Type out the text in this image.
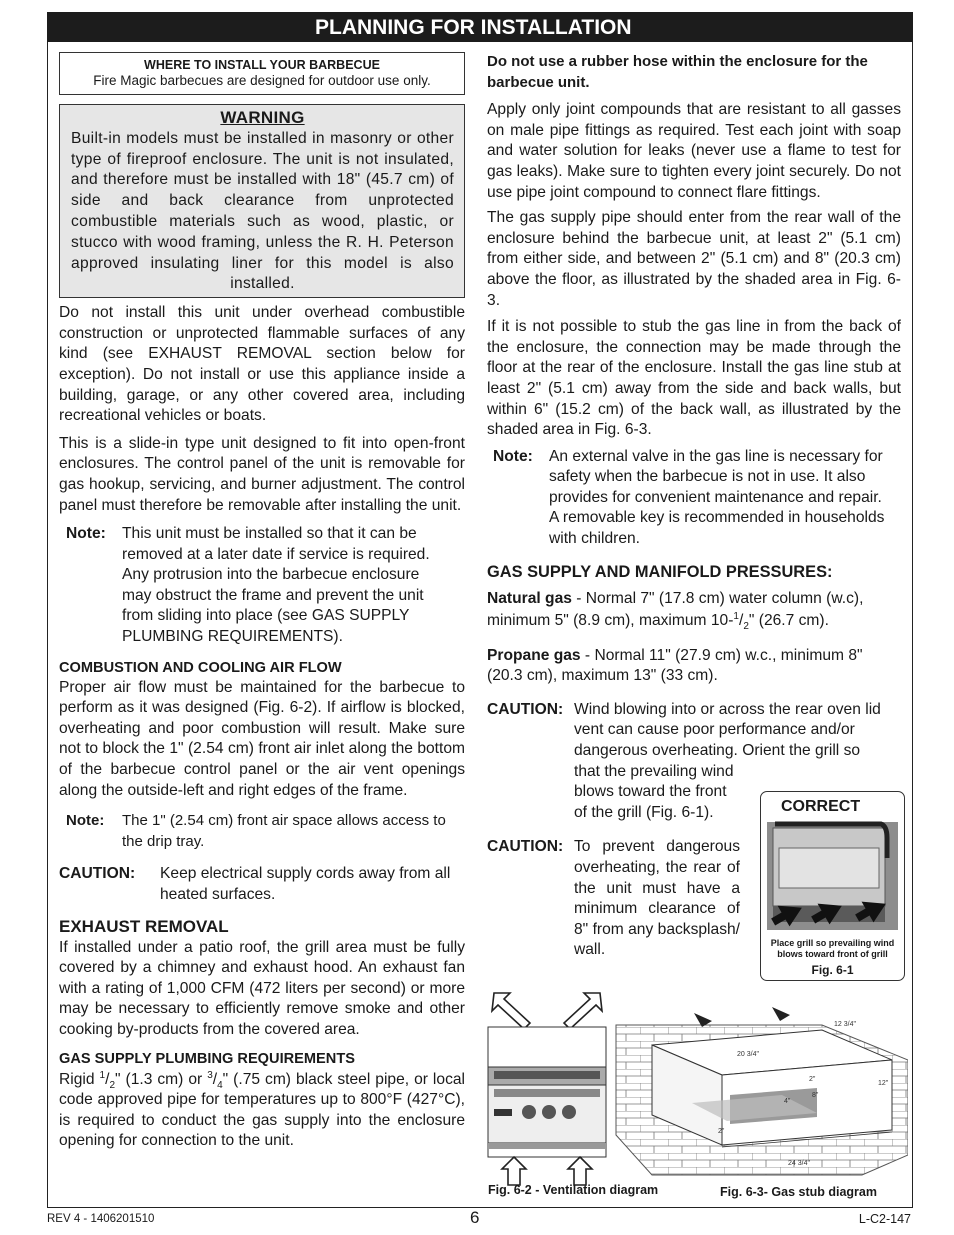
PLANNING FOR INSTALLATION
WHERE TO INSTALL YOUR BARBECUE
Fire Magic barbecues are designed for outdoor use only.
WARNING
Built-in models must be installed in masonry or other type of fireproof enclosure. The unit is not insulated, and therefore must be installed with 18" (45.7 cm) of side and back clearance from unprotected combustible materials such as wood, plastic, or stucco with wood framing, unless the R. H. Peterson approved insulating liner for this model is also installed.

Do not install this unit under overhead combustible construction or unprotected flammable surfaces of any kind (see EXHAUST REMOVAL section below for exception). Do not install or use this appliance inside a building, garage, or any other covered area, including recreational vehicles or boats.

This is a slide-in type unit designed to fit into open-front enclosures. The control panel of the unit is removable for gas hookup, servicing, and burner adjustment. The control panel must therefore be removable after installing the unit.

Note:	This unit must be installed so that it can be removed at a later date if service is required. Any protrusion into the barbecue enclosure may obstruct the frame and prevent the unit from sliding into place (see GAS SUPPLY PLUMBING REQUIREMENTS).
COMBUSTION AND COOLING AIR FLOW

Proper air flow must be maintained for the barbecue to perform as it was designed (Fig. 6-2). If airflow is blocked, overheating and poor combustion will result. Make sure not to block the 1" (2.54 cm) front air inlet along the bottom of the barbecue control panel or the air vent openings along the outside-left and right edges of the frame.

Note:	The 1" (2.54 cm) front air space allows access to the drip tray.
CAUTION:	Keep electrical supply cords away from all heated surfaces.
EXHAUST REMOVAL

If installed under a patio roof, the grill area must be fully covered by a chimney and exhaust hood. An exhaust fan with a rating of 1,000 CFM (472 liters per second) or more may be necessary to efficiently remove smoke and other cooking by-products from the covered area.

GAS SUPPLY PLUMBING REQUIREMENTS

Rigid $^1/_2$" (1.3 cm) or $^3/_4$" (.75 cm) black steel pipe, or local code approved pipe for temperatures up to 800°F (427°C), is required to conduct the gas supply into the enclosure opening for connection to the unit.

Do not use a rubber hose within the enclosure for the barbecue unit.

Apply only joint compounds that are resistant to all gasses on male pipe fittings as required. Test each joint with soap and water solution for leaks (never use a flame to test for gas leaks). Make sure to tighten every joint securely. Do not use pipe joint compound to connect flare fittings.

The gas supply pipe should enter from the rear wall of the enclosure behind the barbecue unit, at least 2" (5.1 cm) from either side, and between 2" (5.1 cm) and 8" (20.3 cm) above the floor, as illustrated by the shaded area in Fig. 6-3.

If it is not possible to stub the gas line in from the back of the enclosure, the connection may be made through the floor at the rear of the enclosure. Install the gas line stub at least 2" (5.1 cm) away from the side and back walls, but within 6" (15.2 cm) of the back wall, as illustrated by the shaded area in Fig. 6-3.

Note:	An external valve in the gas line is necessary for safety when the barbecue is not in use. It also provides for convenient maintenance and repair. A removable key is recommended in households with children.
GAS SUPPLY AND MANIFOLD PRESSURES:

Natural gas - Normal 7" (17.8 cm) water column (w.c), minimum 5" (8.9 cm), maximum $10-^1/_2$" (26.7 cm).

Propane gas - Normal 11" (27.9 cm) w.c., minimum 8" (20.3 cm), maximum 13" (33 cm).

CAUTION: Wind blowing into or across the rear oven lid vent can cause poor performance and/or dangerous overheating. Orient the grill so
that the prevailing wind blows toward the front of the grill (Fig. 6-1).
CAUTION: To prevent dangerous overheating, the rear of the unit must have a minimum clearance of 8" from any backsplash/ wall.
CORRECT
Place grill so prevailing wind blows toward front of grill
Fig. 6-1
Fig. 6-2 - Ventilation diagram
20 3/4"
2"
8"
4"
2"
12"
12 3/4"
24 3/4"
Fig. 6-3- Gas stub diagram
REV 4 - 1406201510	6	L-C2-147
